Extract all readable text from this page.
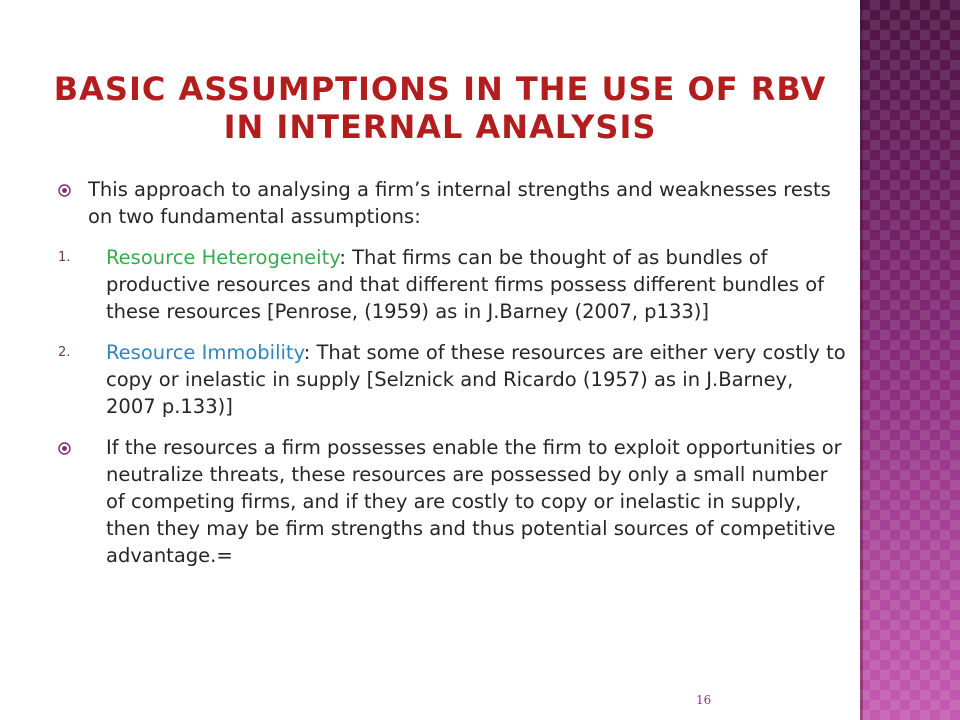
BASIC ASSUMPTIONS IN THE USE OF RBV IN INTERNAL ANALYSIS
This approach to analysing a firm’s internal strengths and weaknesses rests on two fundamental assumptions:
1. Resource Heterogeneity: That firms can be thought of as bundles of productive resources and that different firms possess different bundles of these resources [Penrose, (1959) as in J.Barney (2007, p133)]
2. Resource Immobility: That some of these resources are either very costly to copy or inelastic in supply [Selznick and Ricardo (1957) as in J.Barney, 2007 p.133)]
If the resources a firm possesses enable the firm to exploit opportunities or neutralize threats, these resources are possessed by only a small number of competing firms, and if they are costly to copy or inelastic in supply, then they may be firm strengths and thus potential sources of competitive advantage.=
16
